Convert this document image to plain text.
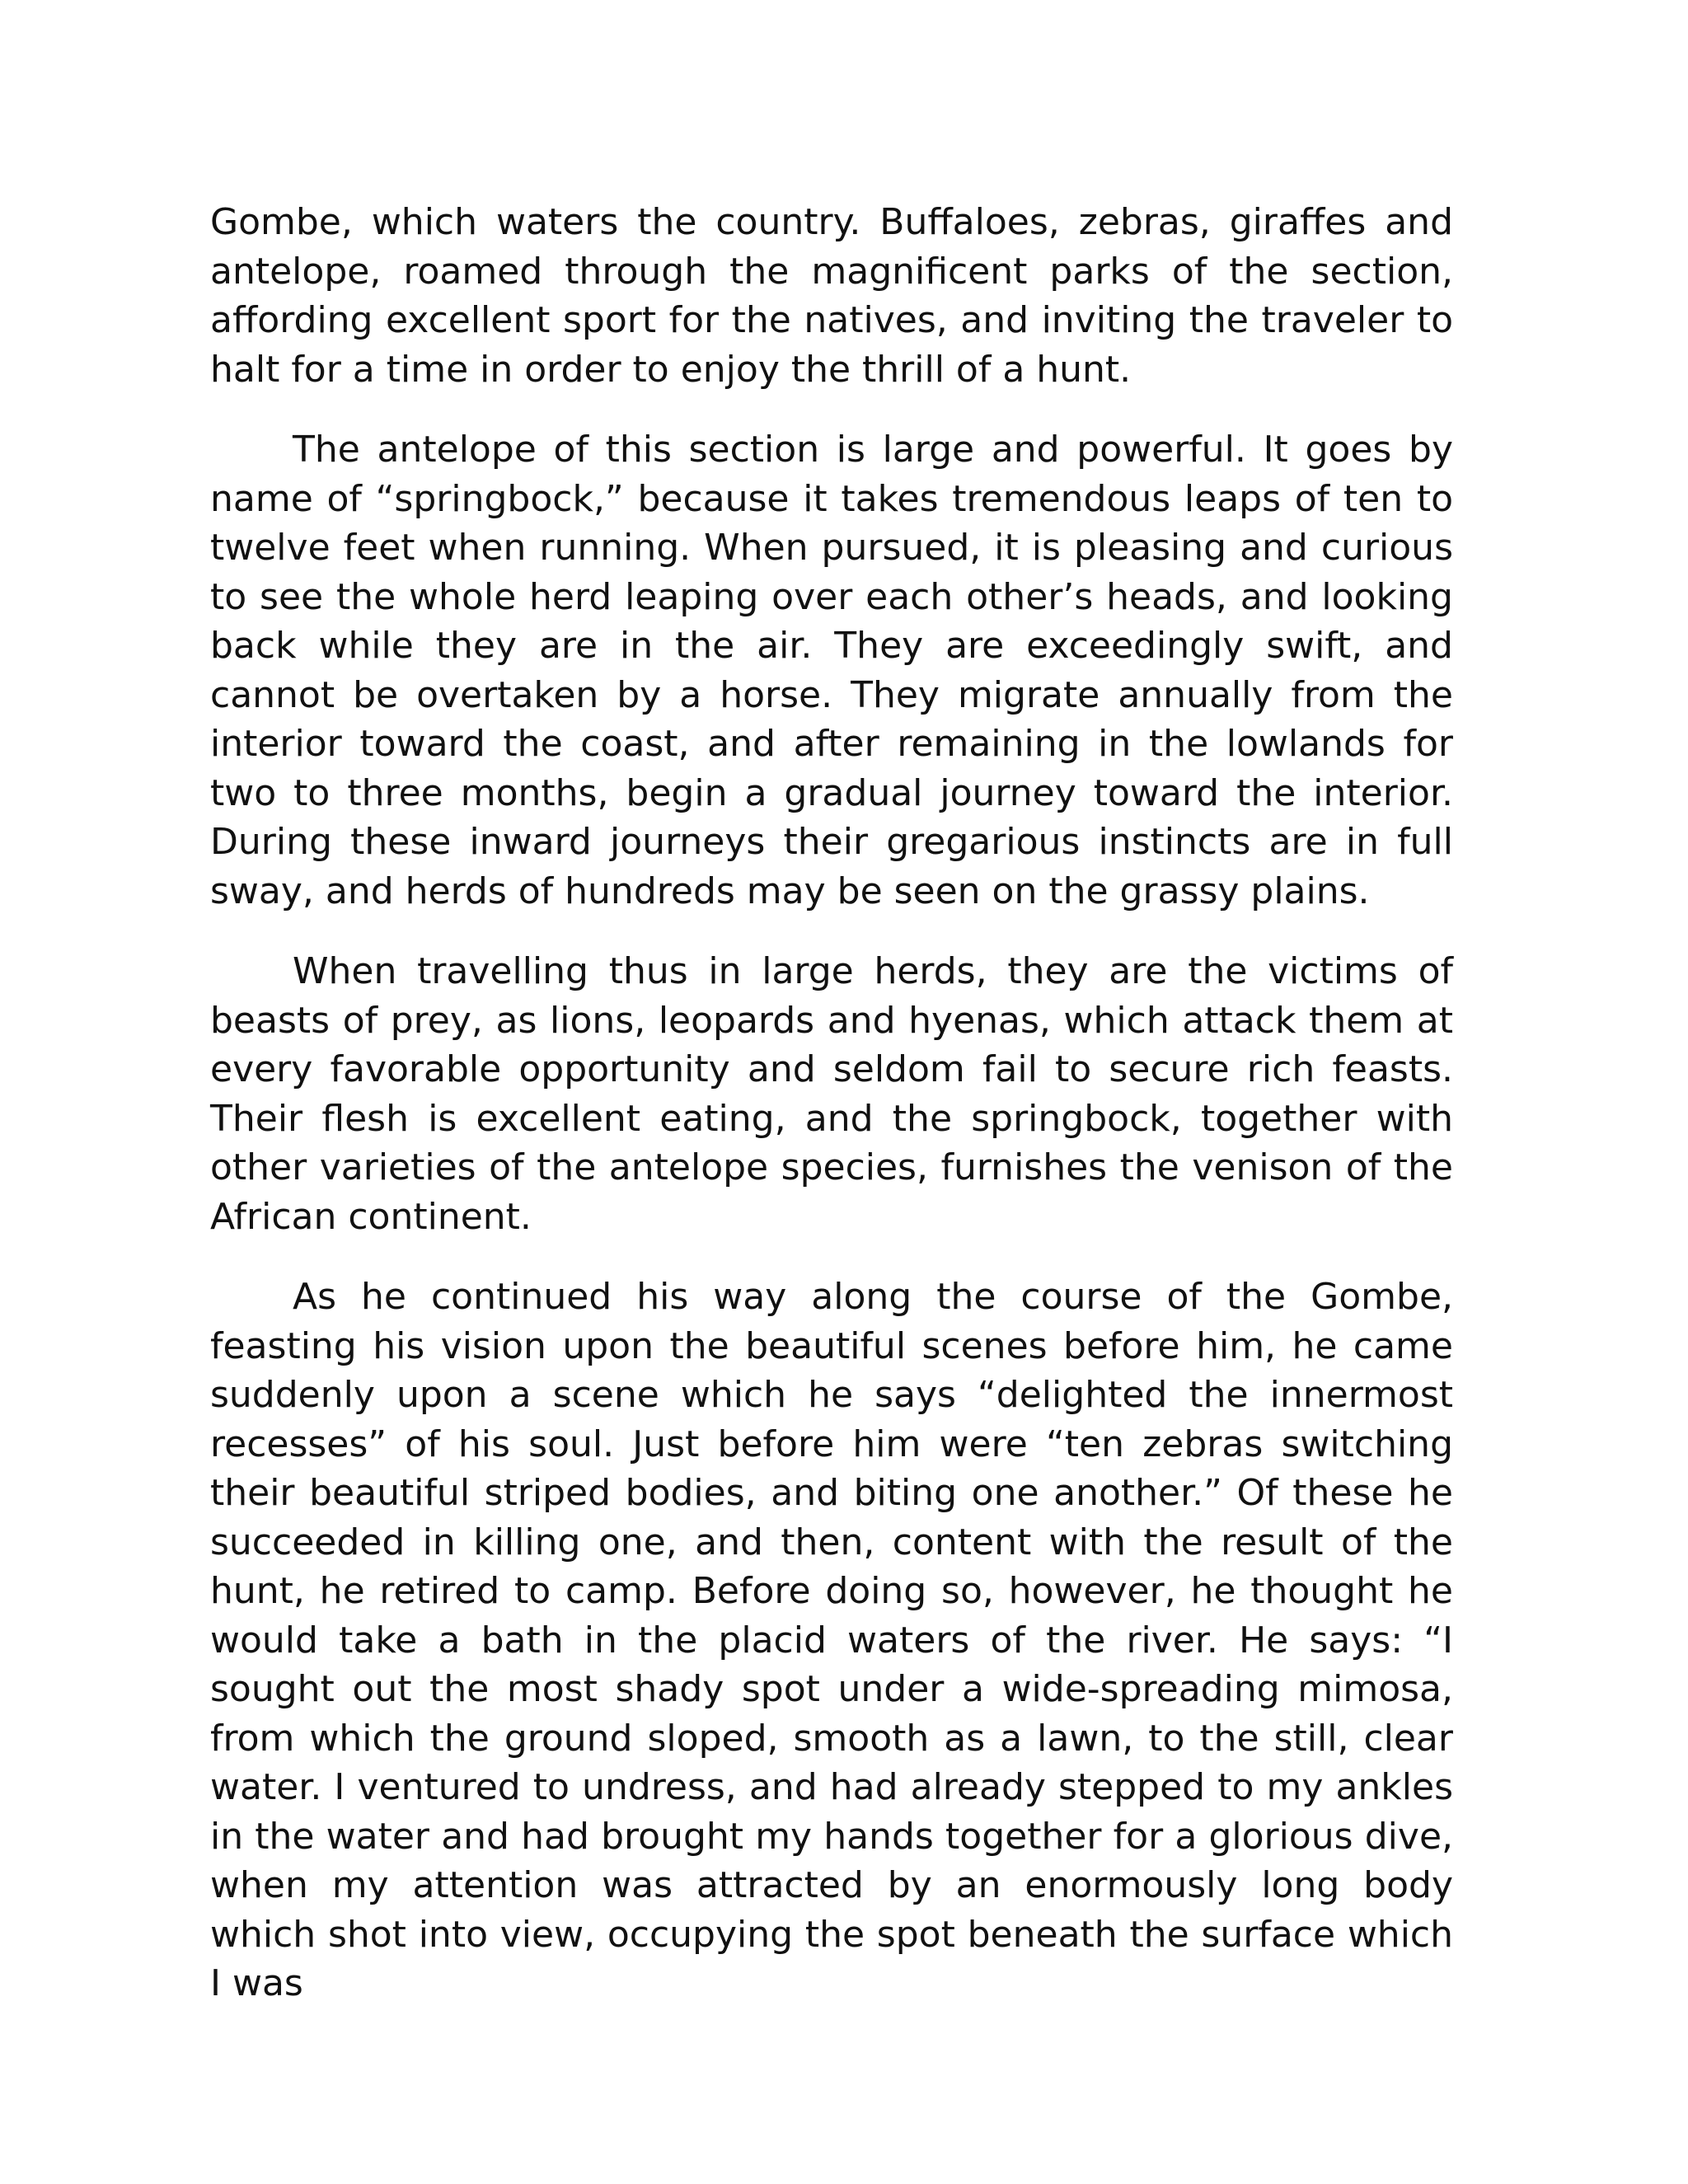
Gombe, which waters the country. Buffaloes, zebras, giraffes and antelope, roamed through the magnificent parks of the section, affording excellent sport for the natives, and inviting the traveler to halt for a time in order to enjoy the thrill of a hunt.

The antelope of this section is large and powerful. It goes by name of “springbock,” because it takes tremendous leaps of ten to twelve feet when running. When pursued, it is pleasing and curious to see the whole herd leaping over each other’s heads, and looking back while they are in the air. They are exceedingly swift, and cannot be overtaken by a horse. They migrate annually from the interior toward the coast, and after remaining in the lowlands for two to three months, begin a gradual journey toward the interior. During these inward journeys their gregarious instincts are in full sway, and herds of hundreds may be seen on the grassy plains.

When travelling thus in large herds, they are the victims of beasts of prey, as lions, leopards and hyenas, which attack them at every favorable opportunity and seldom fail to secure rich feasts. Their flesh is excellent eating, and the springbock, together with other varieties of the antelope species, furnishes the venison of the African continent.

As he continued his way along the course of the Gombe, feasting his vision upon the beautiful scenes before him, he came suddenly upon a scene which he says “delighted the innermost recesses” of his soul. Just before him were “ten zebras switching their beautiful striped bodies, and biting one another.” Of these he succeeded in killing one, and then, content with the result of the hunt, he retired to camp. Before doing so, however, he thought he would take a bath in the placid waters of the river. He says: “I sought out the most shady spot under a wide-spreading mimosa, from which the ground sloped, smooth as a lawn, to the still, clear water. I ventured to undress, and had already stepped to my ankles in the water and had brought my hands together for a glorious dive, when my attention was attracted by an enormously long body which shot into view, occupying the spot beneath the surface which I was
